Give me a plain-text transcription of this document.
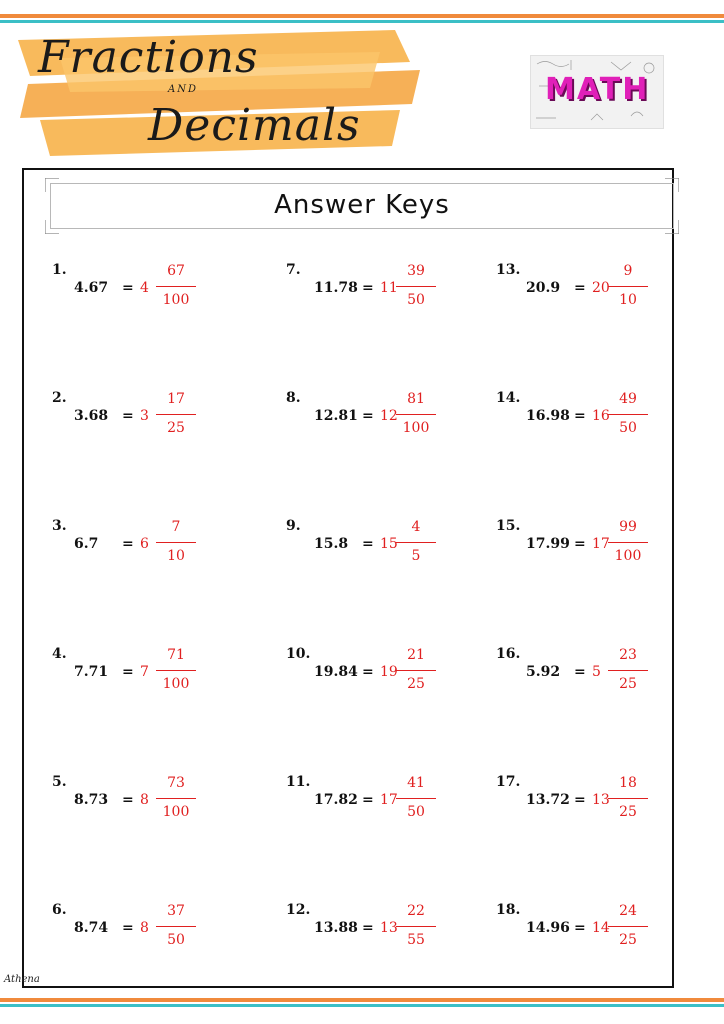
Fractions
AND
Decimals
MATH
Answer Keys
1.
4.67 = 4
67
100
2.
3.68 = 3
17
25
3.
6.7 = 6
7
10
4.
7.71 = 7
71
100
5.
8.73 = 8
73
100
6.
8.74 = 8
37
50
7.
11.78 = 11
39
50
8.
12.81 = 12
81
100
9.
15.8 = 15
4
5
10.
19.84 = 19
21
25
11.
17.82 = 17
41
50
12.
13.88 = 13
22
55
13.
20.9 = 20
9
10
14.
16.98 = 16
49
50
15.
17.99 = 17
99
100
16.
5.92 = 5
23
25
17.
13.72 = 13
18
25
18.
14.96 = 14
24
25
Athena
